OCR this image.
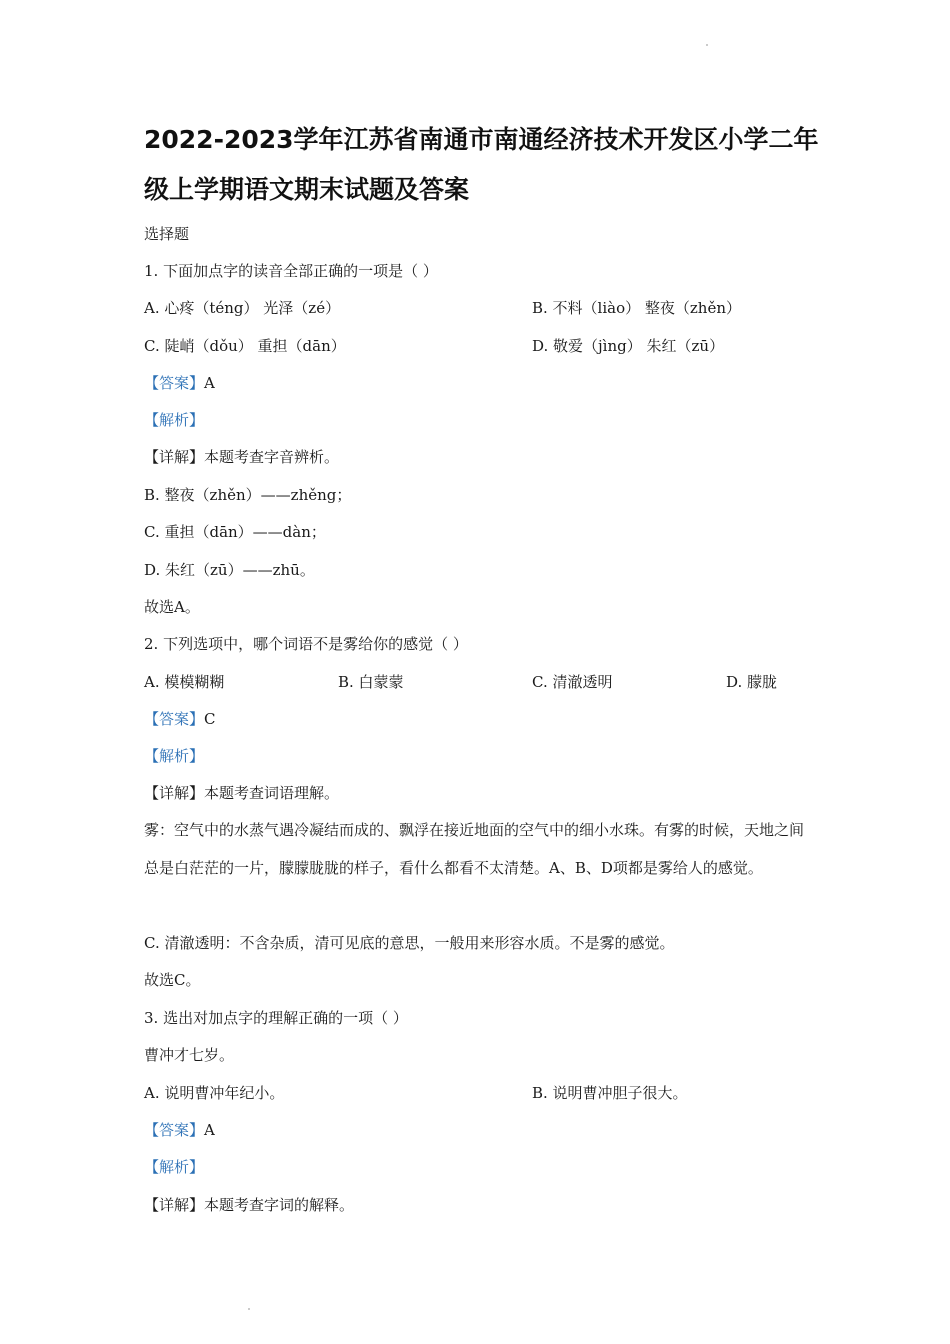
2022-2023学年江苏省南通市南通经济技术开发区小学二年
级上学期语文期末试题及答案
选择题
1. 下面加点字的读音全部正确的一项是（ ）
A. 心疼（téng） 光泽（zé）	B. 不料（liào） 整夜（zhěn）
C. 陡峭（dǒu） 重担（dān）	D. 敬爱（jìng） 朱红（zū）
【答案】A
【解析】
【详解】本题考查字音辨析。
B. 整夜（zhěn）——zhěng；
C. 重担（dān）——dàn；
D. 朱红（zū）——zhū。
故选A。
2. 下列选项中，哪个词语不是雾给你的感觉（ ）
A. 模模糊糊	B. 白蒙蒙	C. 清澈透明	D. 朦胧
【答案】C
【解析】
【详解】本题考查词语理解。
雾：空气中的水蒸气遇冷凝结而成的、飘浮在接近地面的空气中的细小水珠。有雾的时候，天地之间总是白茫茫的一片，朦朦胧胧的样子，看什么都看不太清楚。A、B、D项都是雾给人的感觉。
C. 清澈透明：不含杂质，清可见底的意思，一般用来形容水质。不是雾的感觉。
故选C。
3. 选出对加点字的理解正确的一项（ ）
曹冲才七岁。
A. 说明曹冲年纪小。	B. 说明曹冲胆子很大。
【答案】A
【解析】
【详解】本题考查字词的解释。
